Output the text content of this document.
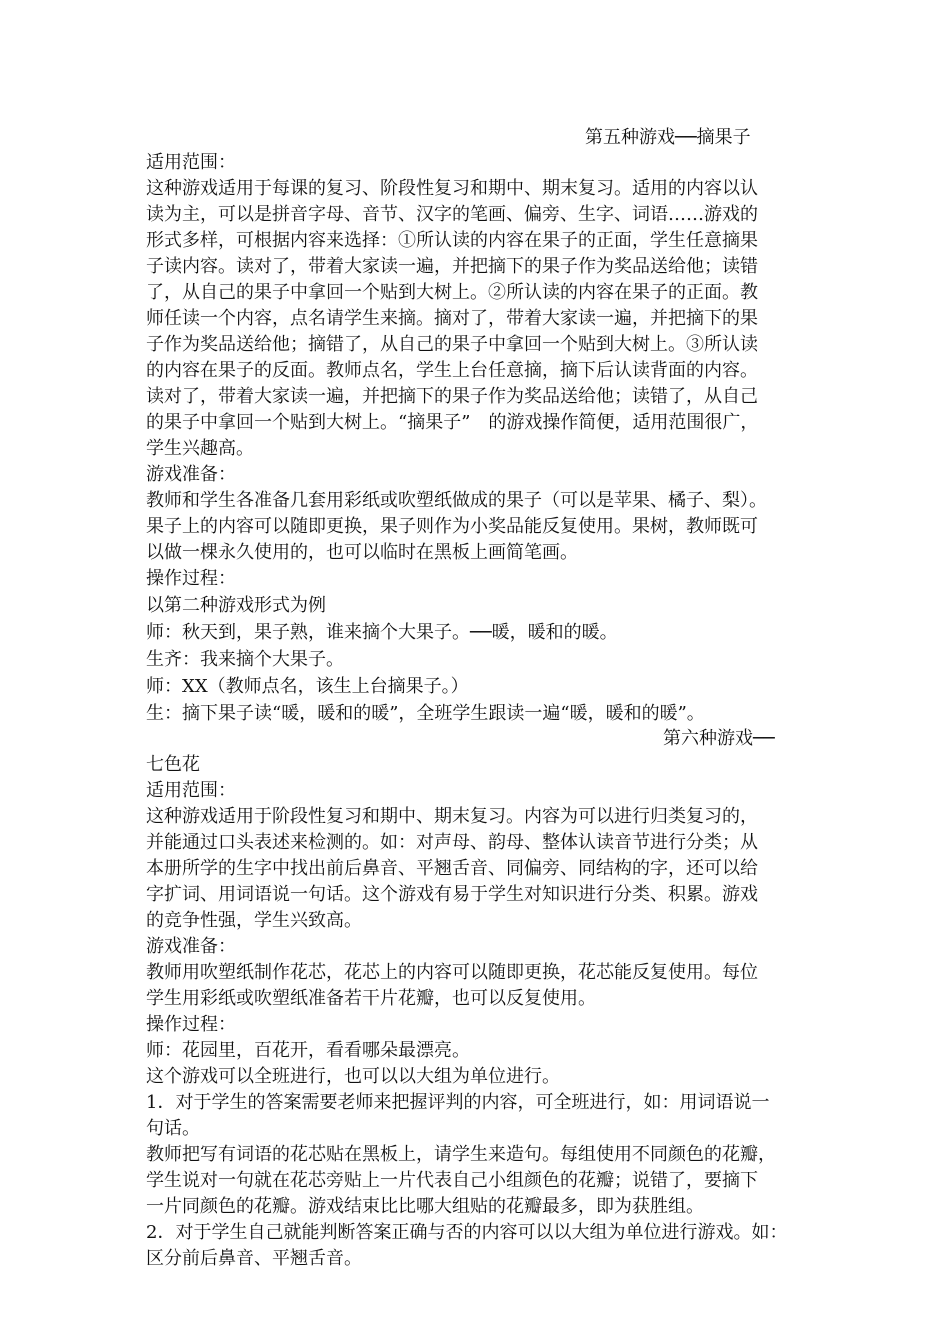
第五种游戏──摘果子
适用范围：
这种游戏适用于每课的复习、阶段性复习和期中、期末复习。适用的内容以认
读为主，可以是拼音字母、音节、汉字的笔画、偏旁、生字、词语……游戏的
形式多样，可根据内容来选择：①所认读的内容在果子的正面，学生任意摘果
子读内容。读对了，带着大家读一遍，并把摘下的果子作为奖品送给他；读错
了，从自己的果子中拿回一个贴到大树上。②所认读的内容在果子的正面。教
师任读一个内容，点名请学生来摘。摘对了，带着大家读一遍，并把摘下的果
子作为奖品送给他；摘错了，从自己的果子中拿回一个贴到大树上。③所认读
的内容在果子的反面。教师点名，学生上台任意摘，摘下后认读背面的内容。
读对了，带着大家读一遍，并把摘下的果子作为奖品送给他；读错了，从自己
的果子中拿回一个贴到大树上。“摘果子”　的游戏操作简便，适用范围很广，
学生兴趣高。
游戏准备：
教师和学生各准备几套用彩纸或吹塑纸做成的果子（可以是苹果、橘子、梨）。
果子上的内容可以随即更换，果子则作为小奖品能反复使用。果树，教师既可
以做一棵永久使用的，也可以临时在黑板上画简笔画。
操作过程：
以第二种游戏形式为例
师：秋天到，果子熟，谁来摘个大果子。──暖，暖和的暖。
生齐：我来摘个大果子。
师：XX（教师点名，该生上台摘果子。）
生：摘下果子读“暖，暖和的暖”，全班学生跟读一遍“暖，暖和的暖”。
第六种游戏──
七色花
适用范围：
这种游戏适用于阶段性复习和期中、期末复习。内容为可以进行归类复习的，
并能通过口头表述来检测的。如：对声母、韵母、整体认读音节进行分类；从
本册所学的生字中找出前后鼻音、平翘舌音、同偏旁、同结构的字，还可以给
字扩词、用词语说一句话。这个游戏有易于学生对知识进行分类、积累。游戏
的竞争性强，学生兴致高。
游戏准备：
教师用吹塑纸制作花芯，花芯上的内容可以随即更换，花芯能反复使用。每位
学生用彩纸或吹塑纸准备若干片花瓣，也可以反复使用。
操作过程：
师：花园里，百花开，看看哪朵最漂亮。
这个游戏可以全班进行，也可以以大组为单位进行。
1．对于学生的答案需要老师来把握评判的内容，可全班进行，如：用词语说一
句话。
教师把写有词语的花芯贴在黑板上，请学生来造句。每组使用不同颜色的花瓣，
学生说对一句就在花芯旁贴上一片代表自己小组颜色的花瓣；说错了，要摘下
一片同颜色的花瓣。游戏结束比比哪大组贴的花瓣最多，即为获胜组。
2．对于学生自己就能判断答案正确与否的内容可以以大组为单位进行游戏。如：
区分前后鼻音、平翘舌音。
